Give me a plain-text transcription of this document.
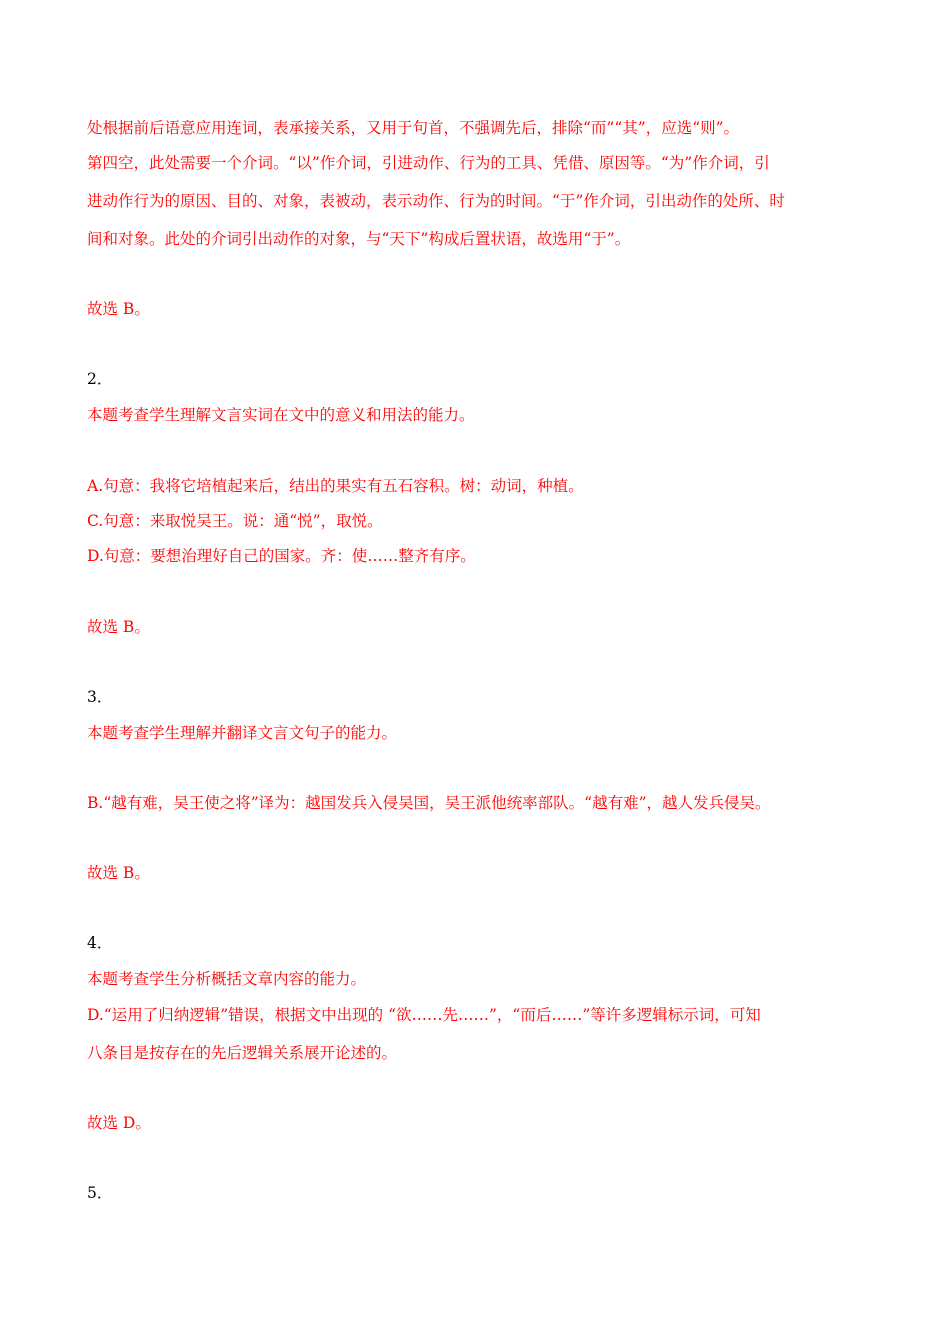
处根据前后语意应用连词，表承接关系，又用于句首，不强调先后，排除“而”“其”，应选“则”。

第四空，此处需要一个介词。“以”作介词，引进动作、行为的工具、凭借、原因等。“为”作介词，引

进动作行为的原因、目的、对象，表被动，表示动作、行为的时间。“于”作介词，引出动作的处所、时

间和对象。此处的介词引出动作的对象，与“天下”构成后置状语，故选用“于”。

故选 B。

2．

本题考查学生理解文言实词在文中的意义和用法的能力。

A.句意：我将它培植起来后，结出的果实有五石容积。树：动词，种植。

C.句意：来取悦吴王。说：通“悦”，取悦。

D.句意：要想治理好自己的国家。齐：使……整齐有序。

故选 B。

3．

本题考查学生理解并翻译文言文句子的能力。

B.“越有难，吴王使之将”译为：越国发兵入侵吴国，吴王派他统率部队。“越有难”，越人发兵侵吴。

故选 B。

4．

本题考查学生分析概括文章内容的能力。

D.“运用了归纳逻辑”错误，根据文中出现的 “欲……先……”，“而后……”等许多逻辑标示词，可知

八条目是按存在的先后逻辑关系展开论述的。

故选 D。

5．
